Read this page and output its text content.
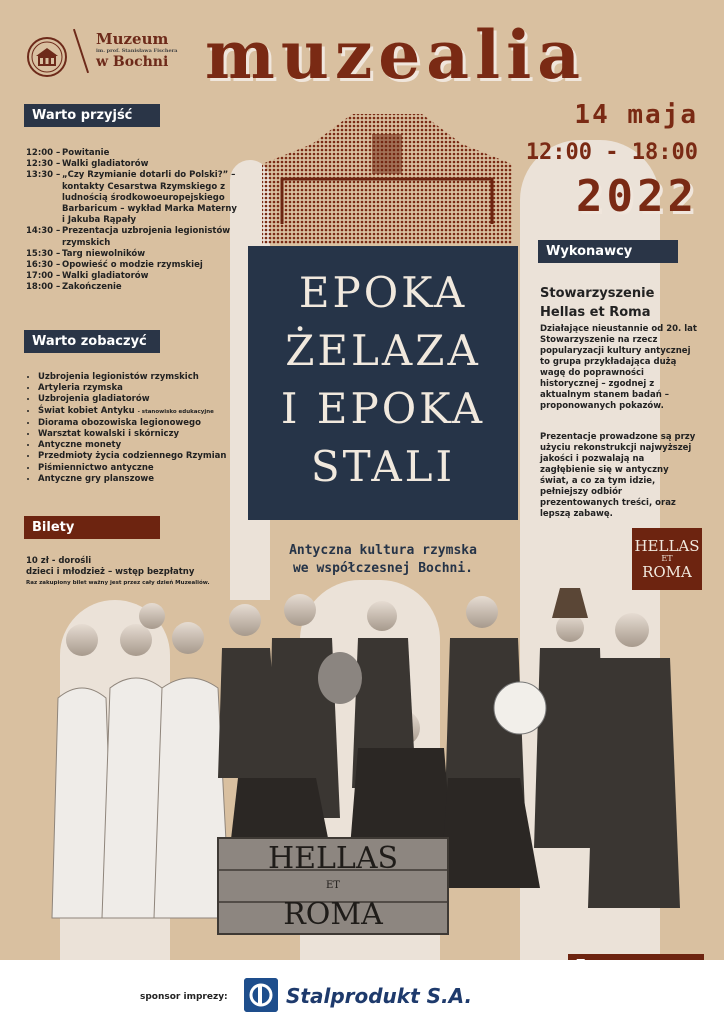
Muzeum
im. prof. Stanisława Fischera
w Bochni muzealia
14 maja
12:00 - 18:00
2022
Warto przyjść
12:00 – Powitanie
12:30 – Walki gladiatorów
13:30 – „Czy Rzymianie dotarli do Polski?” – kontakty Cesarstwa Rzymskiego z ludnością środkowoeuropejskiego Barbaricum – wykład Marka Materny i Jakuba Rąpały
14:30 – Prezentacja uzbrojenia legionistów rzymskich
15:30 – Targ niewolników
16:30 – Opowieść o modzie rzymskiej
17:00 – Walki gladiatorów
18:00 – Zakończenie
Warto zobaczyć
• Uzbrojenia legionistów rzymskich
• Artyleria rzymska
• Uzbrojenia gladiatorów
• Świat kobiet Antyku - stanowisko edukacyjne
• Diorama obozowiska legionowego
• Warsztat kowalski i skórniczy
• Antyczne monety
• Przedmioty życia codziennego Rzymian
• Piśmiennictwo antyczne
• Antyczne gry planszowe
Bilety
10 zł - dorośli
dzieci i młodzież – wstęp bezpłatny
Raz zakupiony bilet ważny jest przez cały dzień Muzealiów.
EPOKA
ŻELAZA
I EPOKA
STALI
Antyczna kultura rzymska
we współczesnej Bochni.
Wykonawcy
Stowarzyszenie
Hellas et Roma
Działające nieustannie od 20. lat Stowarzyszenie na rzecz popularyzacji kultury antycznej to grupa przykładająca dużą wagę do poprawności historycznej – zgodnej z aktualnym stanem badań – proponowanych pokazów.
Prezentacje prowadzone są przy użyciu rekonstrukcji najwyższej jakości i pozwalają na zagłębienie się w antyczny świat, a co za tym idzie, pełniejszy odbiór prezentowanych treści, oraz lepszą zabawę.
HELLAS
ET
ROMA
HELLAS
ET
ROMA
sponsor imprezy:	Stalprodukt S.A.
